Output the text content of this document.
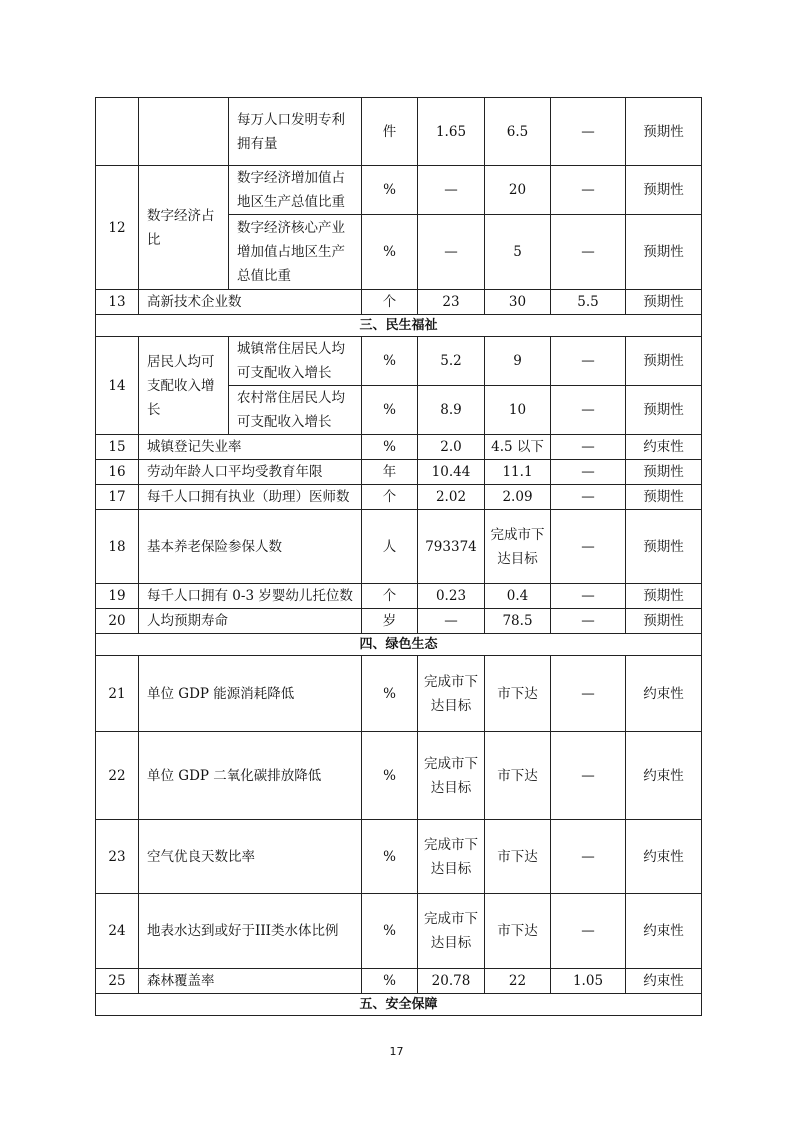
		每万人口发明专利拥有量	件	1.65	6.5	—	预期性
12	数字经济占比	数字经济增加值占地区生产总值比重	%	—	20	—	预期性
		数字经济核心产业增加值占地区生产总值比重	%	—	5	—	预期性
13	高新技术企业数		个	23	30	5.5	预期性
三、民生福祉							
14	居民人均可支配收入增长	城镇常住居民人均可支配收入增长	%	5.2	9	—	预期性
		农村常住居民人均可支配收入增长	%	8.9	10	—	预期性
15	城镇登记失业率		%	2.0	4.5 以下	—	约束性
16	劳动年龄人口平均受教育年限		年	10.44	11.1	—	预期性
17	每千人口拥有执业（助理）医师数		个	2.02	2.09	—	预期性
18	基本养老保险参保人数		人	793374	完成市下达目标	—	预期性
19	每千人口拥有 0-3 岁婴幼儿托位数		个	0.23	0.4	—	预期性
20	人均预期寿命		岁	—	78.5	—	预期性
四、绿色生态							
21	单位 GDP 能源消耗降低		%	完成市下达目标	市下达	—	约束性
22	单位 GDP 二氧化碳排放降低		%	完成市下达目标	市下达	—	约束性
23	空气优良天数比率		%	完成市下达目标	市下达	—	约束性
24	地表水达到或好于III类水体比例		%	完成市下达目标	市下达	—	约束性
25	森林覆盖率		%	20.78	22	1.05	约束性
五、安全保障							
17
